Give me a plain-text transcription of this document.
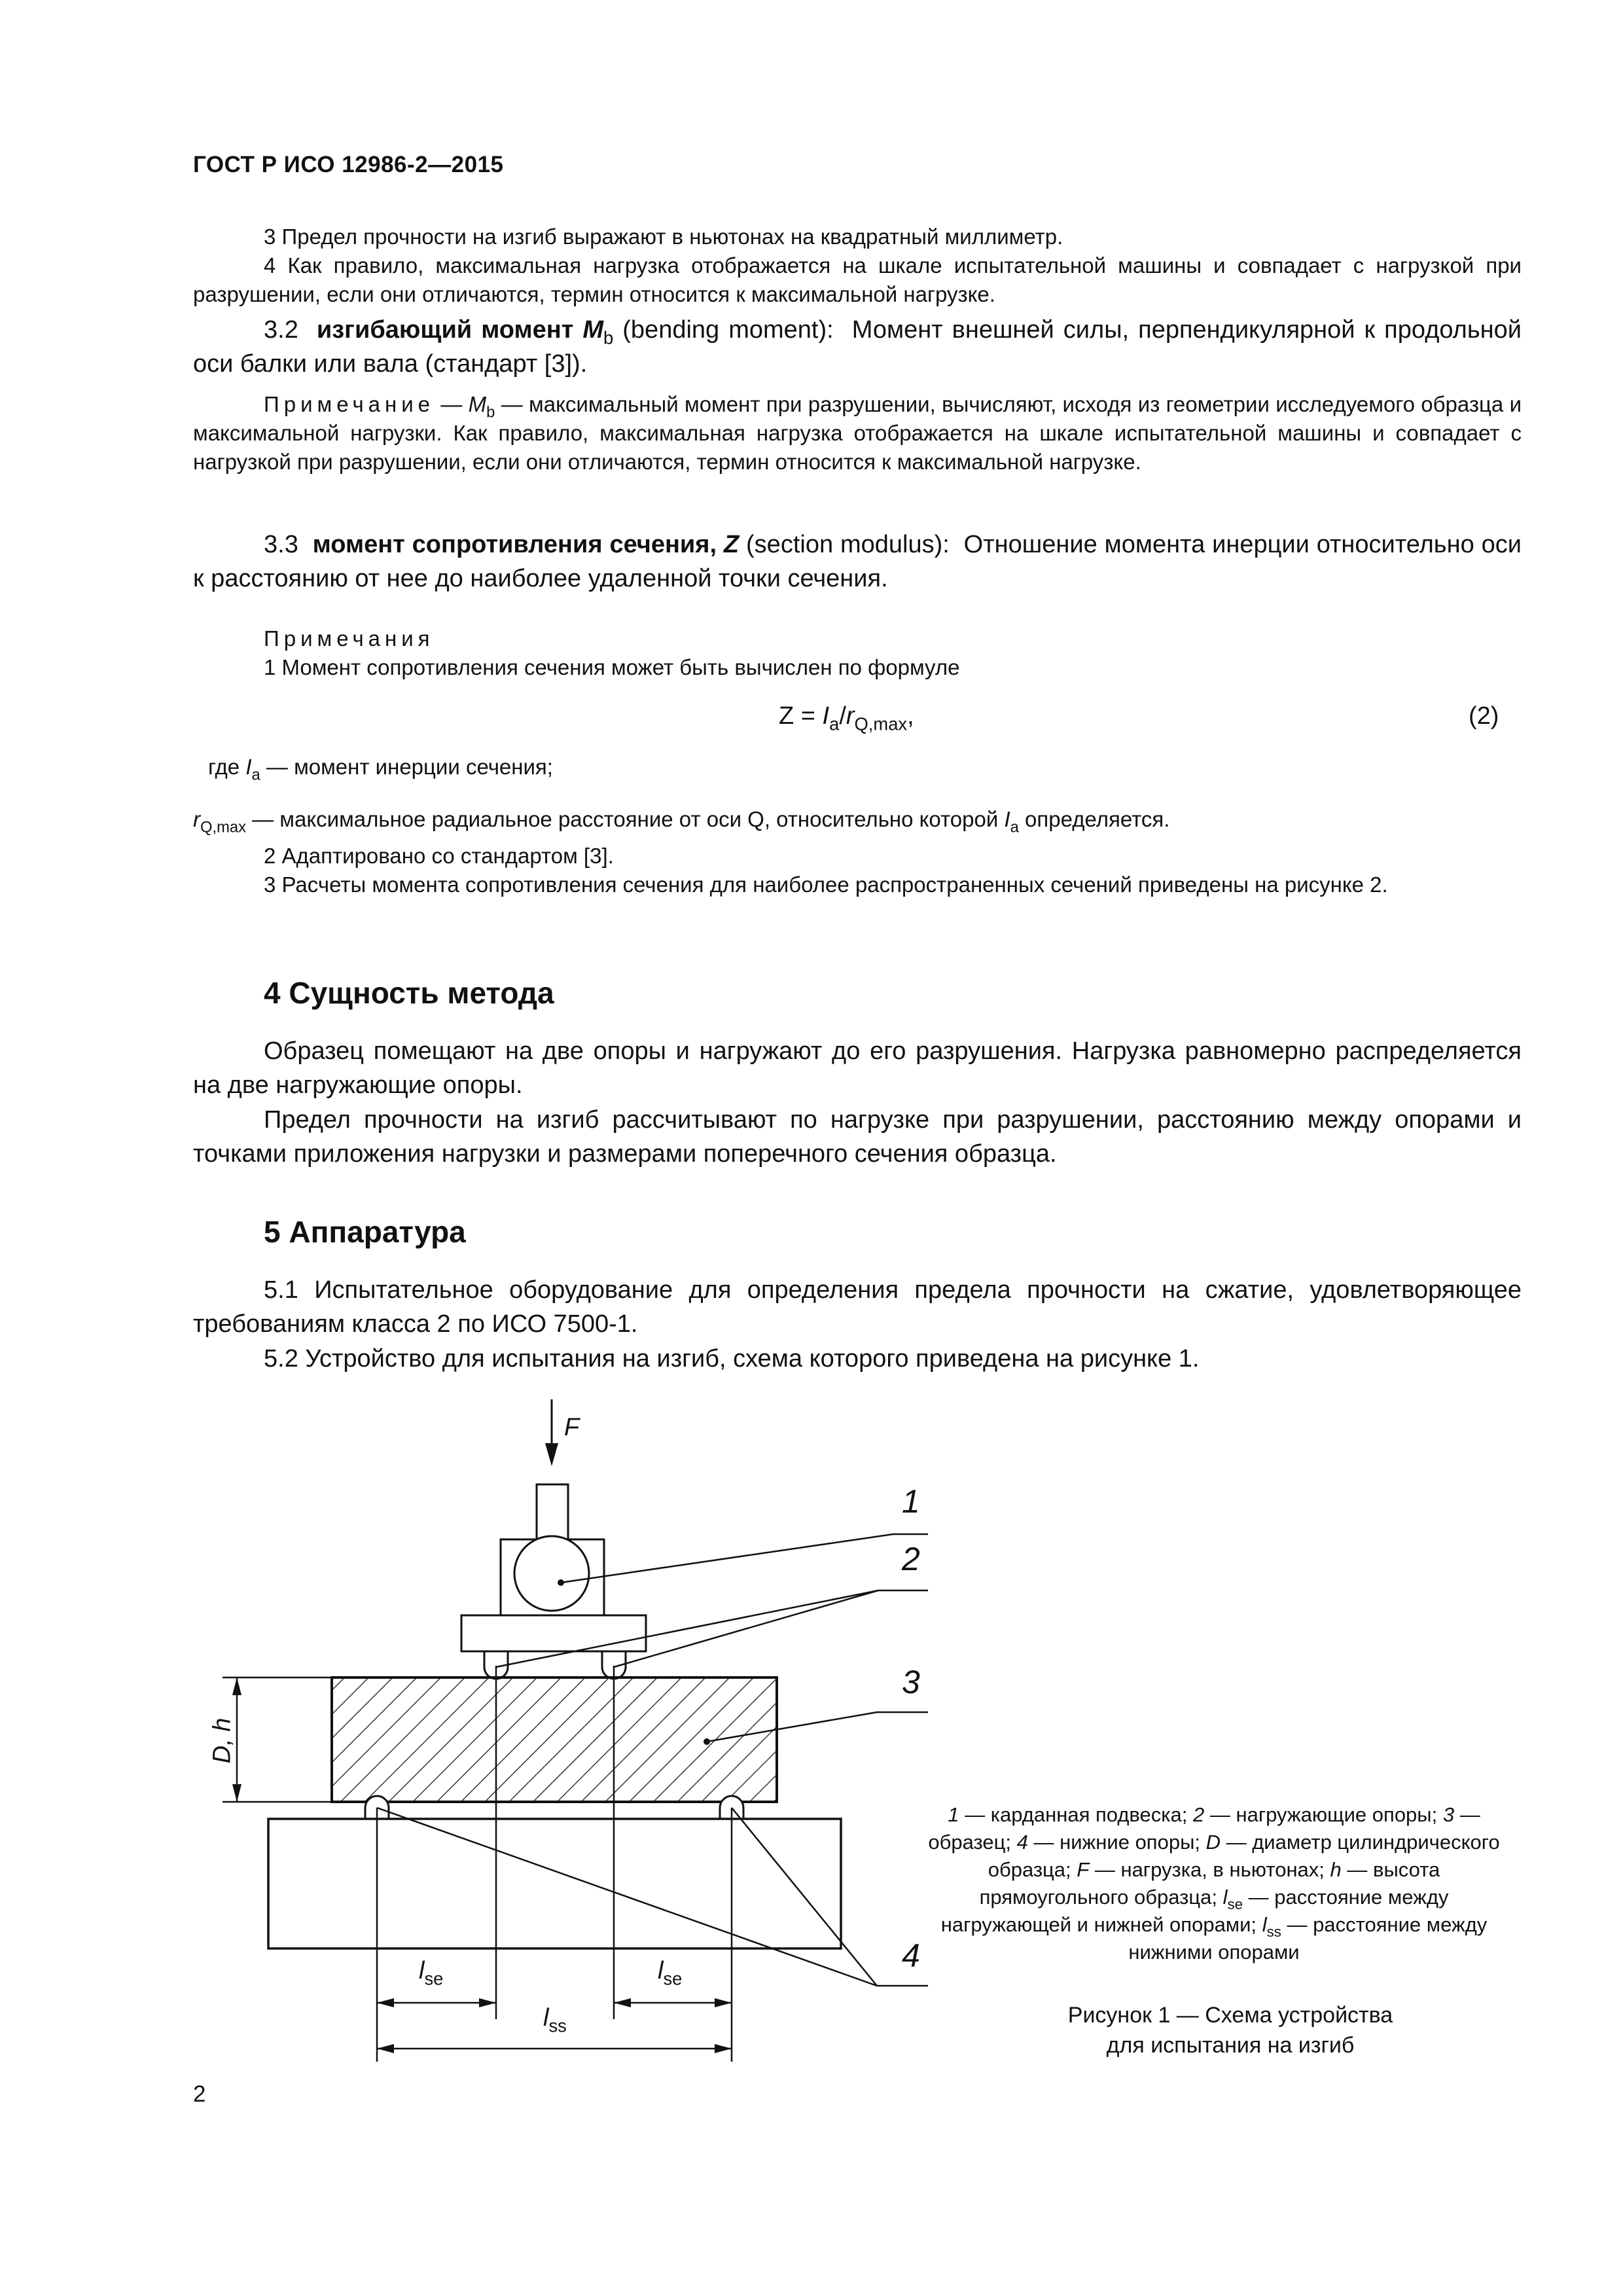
ГОСТ Р ИСО 12986-2—2015

3 Предел прочности на изгиб выражают в ньютонах на квадратный миллиметр.

4 Как правило, максимальная нагрузка отображается на шкале испытательной машины и совпадает с нагрузкой при разрушении, если они отличаются, термин относится к максимальной нагрузке.

3.2 изгибающий момент $M_b$ (bending moment): Момент внешней силы, перпендикулярной к продольной оси балки или вала (стандарт [3]).

Примечание — $M_b$ — максимальный момент при разрушении, вычисляют, исходя из геометрии исследуемого образца и максимальной нагрузки. Как правило, максимальная нагрузка отображается на шкале испытательной машины и совпадает с нагрузкой при разрушении, если они отличаются, термин относится к максимальной нагрузке.

3.3 момент сопротивления сечения, Z (section modulus): Отношение момента инерции относительно оси к расстоянию от нее до наиболее удаленной точки сечения.

Примечания
1 Момент сопротивления сечения может быть вычислен по формуле
$Z = I_a/r_{Q,max}$,	(2)
где $I_a$ — момент инерции сечения;
$r_{Q,max}$ — максимальное радиальное расстояние от оси Q, относительно которой $I_a$ определяется.
2 Адаптировано со стандартом [3].

3 Расчеты момента сопротивления сечения для наиболее распространенных сечений приведены на рисунке 2.

4 Сущность метода

Образец помещают на две опоры и нагружают до его разрушения. Нагрузка равномерно распределяется на две нагружающие опоры.

Предел прочности на изгиб рассчитывают по нагрузке при разрушении, расстоянию между опорами и точками приложения нагрузки и размерами поперечного сечения образца.

5 Аппаратура

5.1 Испытательное оборудование для определения предела прочности на сжатие, удовлетворяющее требованиям класса 2 по ИСО 7500-1.

5.2 Устройство для испытания на изгиб, схема которого приведена на рисунке 1.

F
1
2
3
4
D, h
$l_{se}$	$l_{se}$
$l_{ss}$
1 — карданная подвеска; 2 — нагружающие опоры; 3 — образец; 4 — нижние опоры; D — диаметр цилиндрического образца; F — нагрузка, в ньютонах; h — высота прямоугольного образца; $l_{se}$ — расстояние между нагружающей и нижней опорами; $l_{ss}$ — расстояние между нижними опорами
Рисунок 1 — Схема устройства
для испытания на изгиб
2
